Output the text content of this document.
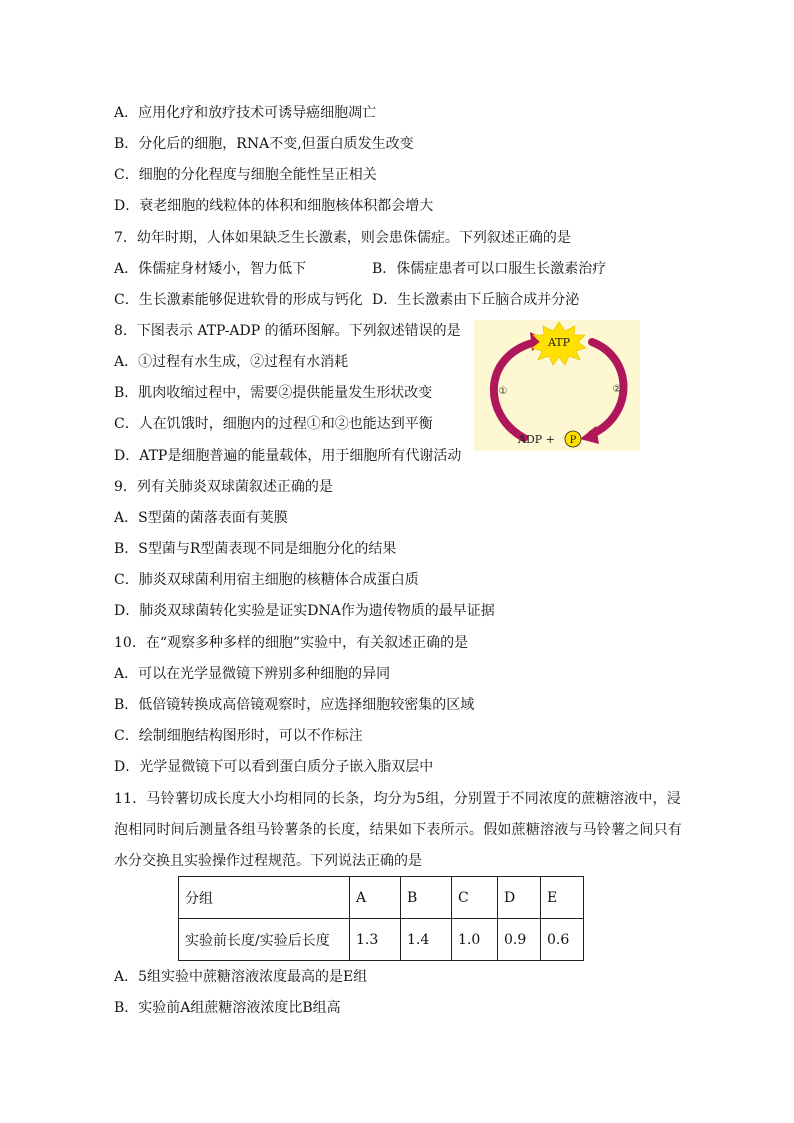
A．应用化疗和放疗技术可诱导癌细胞凋亡
B．分化后的细胞，RNA不变,但蛋白质发生改变
C．细胞的分化程度与细胞全能性呈正相关
D．衰老细胞的线粒体的体积和细胞核体积都会增大
7．幼年时期，人体如果缺乏生长激素，则会患侏儒症。下列叙述正确的是
A．侏儒症身材矮小，智力低下	B．侏儒症患者可以口服生长激素治疗
C．生长激素能够促进软骨的形成与钙化 D．生长激素由下丘脑合成并分泌
8．下图表示 ATP-ADP 的循环图解。下列叙述错误的是
A．①过程有水生成，②过程有水消耗
B．肌肉收缩过程中，需要②提供能量发生形状改变
C．人在饥饿时，细胞内的过程①和②也能达到平衡
D．ATP是细胞普遍的能量载体，用于细胞所有代谢活动
ATP
①	②
ADP + P
9．列有关肺炎双球菌叙述正确的是
A．S型菌的菌落表面有荚膜
B．S型菌与R型菌表现不同是细胞分化的结果
C．肺炎双球菌利用宿主细胞的核糖体合成蛋白质
D．肺炎双球菌转化实验是证实DNA作为遗传物质的最早证据
10．在“观察多种多样的细胞”实验中，有关叙述正确的是
A．可以在光学显微镜下辨别多种细胞的异同
B．低倍镜转换成高倍镜观察时，应选择细胞较密集的区域
C．绘制细胞结构图形时，可以不作标注
D．光学显微镜下可以看到蛋白质分子嵌入脂双层中
11．马铃薯切成长度大小均相同的长条，均分为5组，分别置于不同浓度的蔗糖溶液中，浸
泡相同时间后测量各组马铃薯条的长度，结果如下表所示。假如蔗糖溶液与马铃薯之间只有
水分交换且实验操作过程规范。下列说法正确的是
分组	A	B	C	D	E
实验前长度/实验后长度	1.3	1.4	1.0	0.9	0.6
A．5组实验中蔗糖溶液浓度最高的是E组
B．实验前A组蔗糖溶液浓度比B组高
